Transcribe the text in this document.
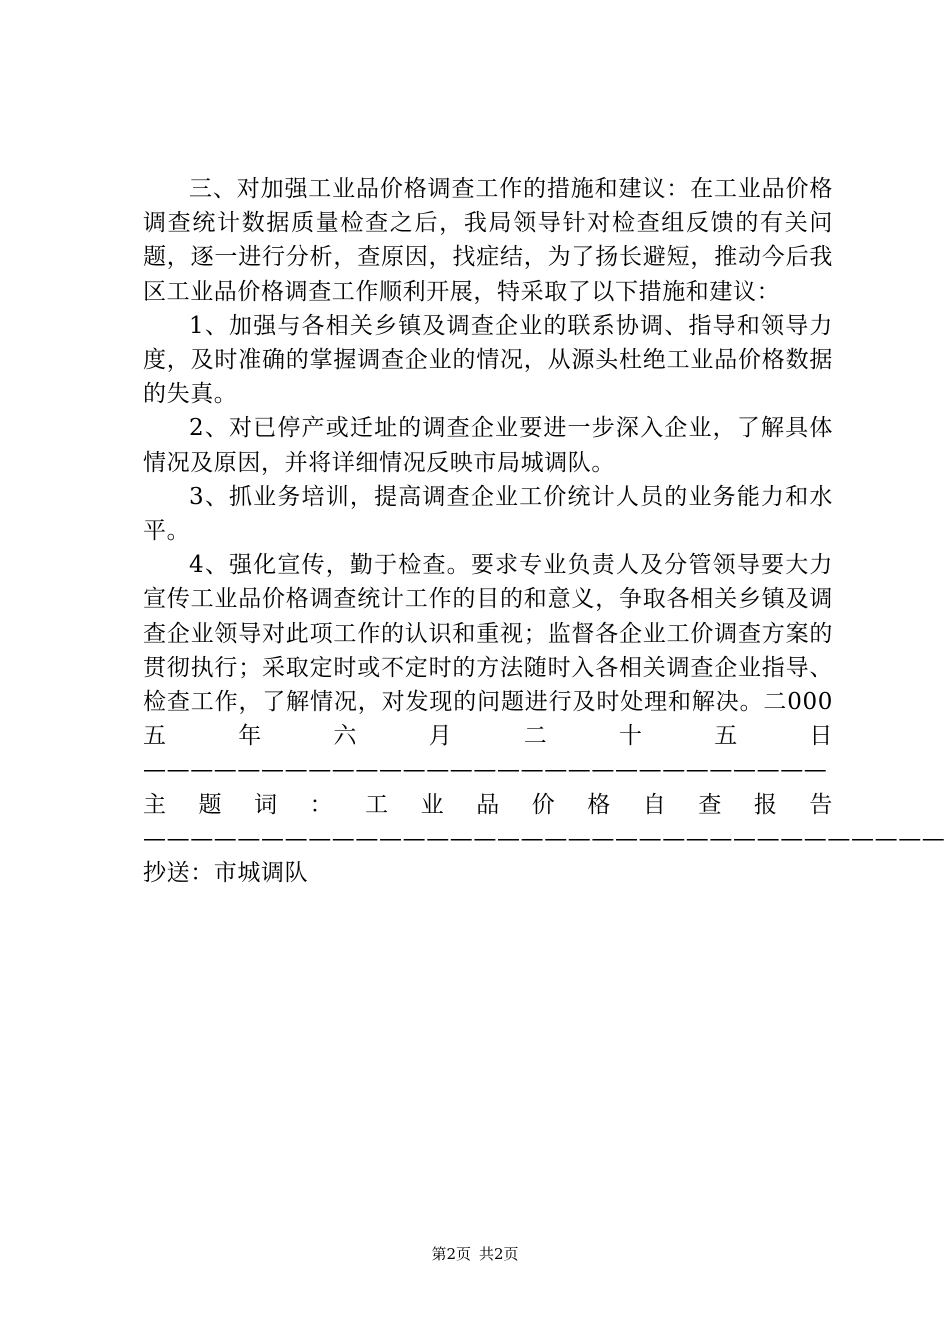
三、对加强工业品价格调查工作的措施和建议：在工业品价格调查统计数据质量检查之后，我局领导针对检查组反馈的有关问题，逐一进行分析，查原因，找症结，为了扬长避短，推动今后我区工业品价格调查工作顺利开展，特采取了以下措施和建议：

1、加强与各相关乡镇及调查企业的联系协调、指导和领导力度，及时准确的掌握调查企业的情况，从源头杜绝工业品价格数据的失真。

2、对已停产或迁址的调查企业要进一步深入企业，了解具体情况及原因，并将详细情况反映市局城调队。

3、抓业务培训，提高调查企业工价统计人员的业务能力和水平。

4、强化宣传，勤于检查。要求专业负责人及分管领导要大力宣传工业品价格调查统计工作的目的和意义，争取各相关乡镇及调查企业领导对此项工作的认识和重视；监督各企业工价调查方案的贯彻执行；采取定时或不定时的方法随时入各相关调查企业指导、检查工作，了解情况，对发现的问题进行及时处理和解决。二000五年六月二十五日—————————————————————————————主题词：工业品价格自查报告——————————————————————————————————抄送：市城调队

第2页 共2页
